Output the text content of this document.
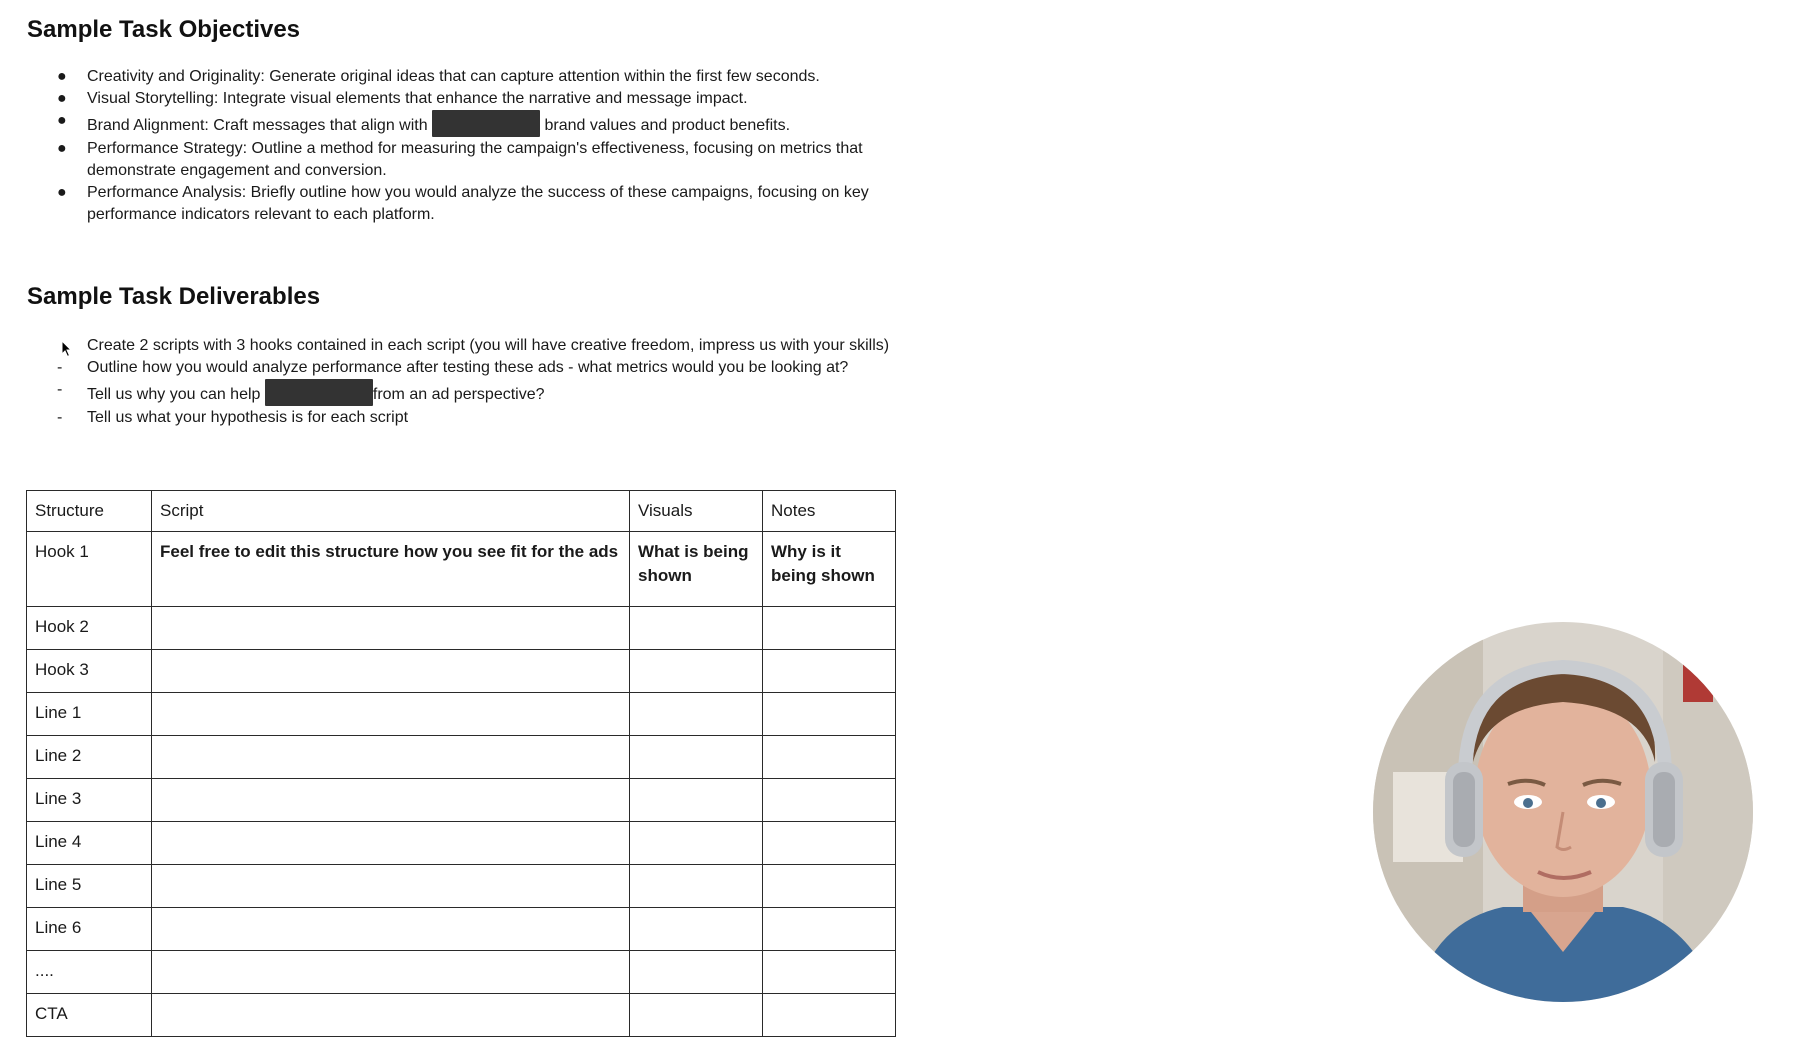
Sample Task Objectives
●	Creativity and Originality: Generate original ideas that can capture attention within the first few seconds.
●	Visual Storytelling: Integrate visual elements that enhance the narrative and message impact.
●	Brand Alignment: Craft messages that align with	brand values and product benefits.
●	Performance Strategy: Outline a method for measuring the campaign's effectiveness, focusing on metrics that demonstrate engagement and conversion.
●	Performance Analysis: Briefly outline how you would analyze the success of these campaigns, focusing on key performance indicators relevant to each platform.
Sample Task Deliverables
Create 2 scripts with 3 hooks contained in each script (you will have creative freedom, impress us with your skills)
-	Outline how you would analyze performance after testing these ads - what metrics would you be looking at?
-	Tell us why you can help	from an ad perspective?
-	Tell us what your hypothesis is for each script
Structure	Script	Visuals	Notes
Hook 1	Feel free to edit this structure how you see fit for the ads	What is being shown	Why is it being shown
Hook 2			
Hook 3			
Line 1			
Line 2			
Line 3			
Line 4			
Line 5			
Line 6			
....			
CTA			
